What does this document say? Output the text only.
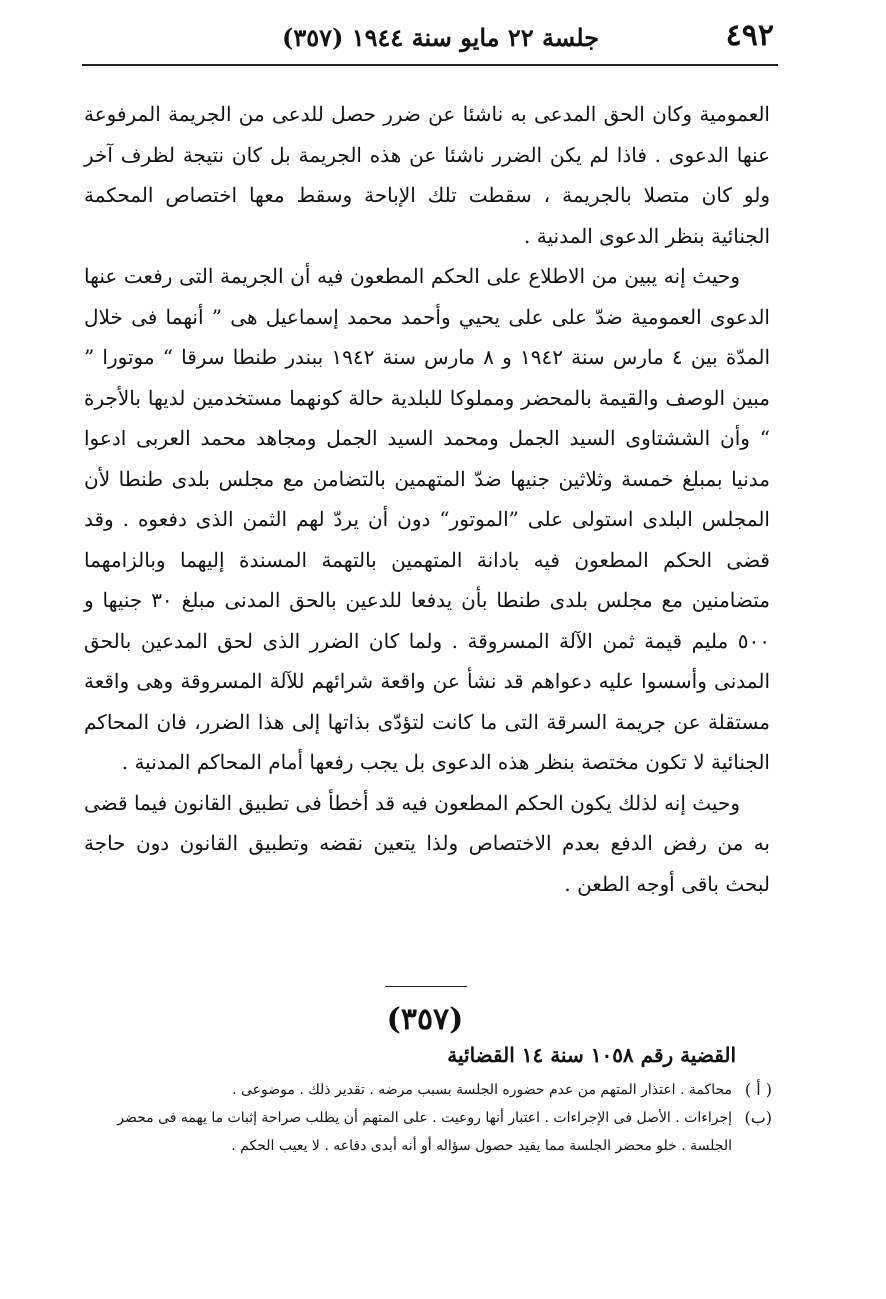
٤٩٢
جلسة ٢٢ مايو سنة ١٩٤٤ (٣٥٧)

العمومية وكان الحق المدعى به ناشئا عن ضرر حصل للدعى من الجريمة المرفوعة عنها الدعوى . فاذا لم يكن الضرر ناشئا عن هذه الجريمة بل كان نتيجة لظرف آخر ولو كان متصلا بالجريمة ، سقطت تلك الإباحة وسقط معها اختصاص المحكمة الجنائية بنظر الدعوى المدنية .

وحيث إنه يبين من الاطلاع على الحكم المطعون فيه أن الجريمة التى رفعت عنها الدعوى العمومية ضدّ على على يحيي وأحمد محمد إسماعيل هى ” أنهما فى خلال المدّة بين ٤ مارس سنة ١٩٤٢ و ٨ مارس سنة ١٩٤٢ ببندر طنطا سرقا “ موتورا ” مبين الوصف والقيمة بالمحضر ومملوكا للبلدية حالة كونهما مستخدمين لديها بالأجرة “ وأن الششتاوى السيد الجمل ومحمد السيد الجمل ومجاهد محمد العربى ادعوا مدنيا بمبلغ خمسة وثلاثين جنيها ضدّ المتهمين بالتضامن مع مجلس بلدى طنطا لأن المجلس البلدى استولى على ”الموتور“ دون أن يردّ لهم الثمن الذى دفعوه . وقد قضى الحكم المطعون فيه بادانة المتهمين بالتهمة المسندة إليهما وبالزامهما متضامنين مع مجلس بلدى طنطا بأن يدفعا للدعين بالحق المدنى مبلغ ٣٠ جنيها و ٥٠٠ مليم قيمة ثمن الآلة المسروقة . ولما كان الضرر الذى لحق المدعين بالحق المدنى وأسسوا عليه دعواهم قد نشأ عن واقعة شرائهم للآلة المسروقة وهى واقعة مستقلة عن جريمة السرقة التى ما كانت لتؤدّى بذاتها إلى هذا الضرر، فان المحاكم الجنائية لا تكون مختصة بنظر هذه الدعوى بل يجب رفعها أمام المحاكم المدنية .

وحيث إنه لذلك يكون الحكم المطعون فيه قد أخطأ فى تطبيق القانون فيما قضى به من رفض الدفع بعدم الاختصاص ولذا يتعين نقضه وتطبيق القانون دون حاجة لبحث باقى أوجه الطعن .

(٣٥٧)
القضية رقم ١٠٥٨ سنة ١٤ القضائية

( أ )
محاكمة . اعتذار المتهم من عدم حضوره الجلسة بسبب مرضه . تقدير ذلك . موضوعى .

(ب)
إجراءات . الأصل فى الإجراءات . اعتبار أنها روعيت . على المتهم أن يطلب صراحة إثبات ما يهمه فى محضر الجلسة . خلو محضر الجلسة مما يفيد حصول سؤاله أو أنه أبدى دفاعه . لا يعيب الحكم .
